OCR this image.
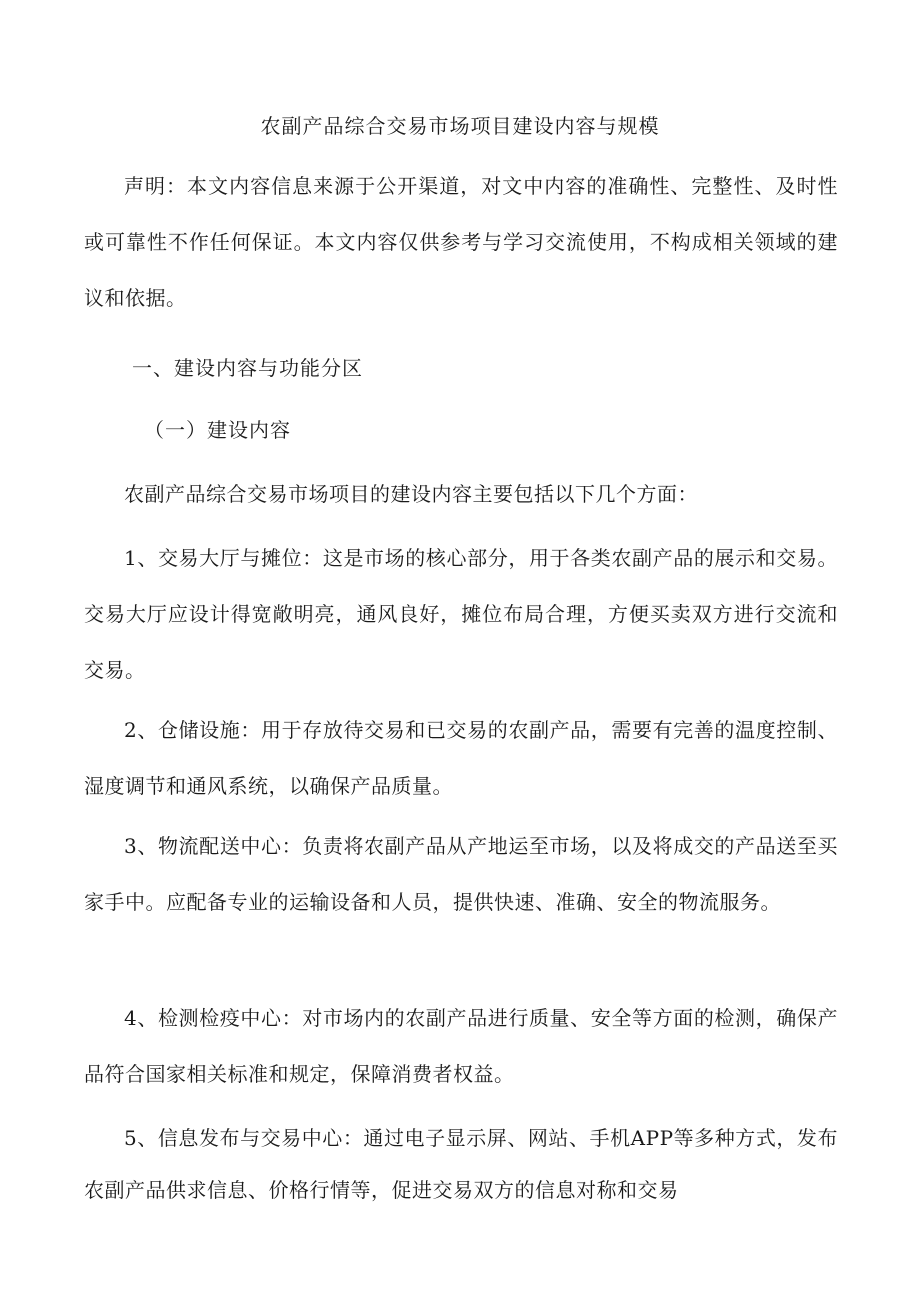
农副产品综合交易市场项目建设内容与规模
声明：本文内容信息来源于公开渠道，对文中内容的准确性、完整性、及时性或可靠性不作任何保证。本文内容仅供参考与学习交流使用，不构成相关领域的建议和依据。
一、建设内容与功能分区
（一）建设内容
农副产品综合交易市场项目的建设内容主要包括以下几个方面：
1、交易大厅与摊位：这是市场的核心部分，用于各类农副产品的展示和交易。交易大厅应设计得宽敞明亮，通风良好，摊位布局合理，方便买卖双方进行交流和交易。
2、仓储设施：用于存放待交易和已交易的农副产品，需要有完善的温度控制、湿度调节和通风系统，以确保产品质量。
3、物流配送中心：负责将农副产品从产地运至市场，以及将成交的产品送至买家手中。应配备专业的运输设备和人员，提供快速、准确、安全的物流服务。
4、检测检疫中心：对市场内的农副产品进行质量、安全等方面的检测，确保产品符合国家相关标准和规定，保障消费者权益。
5、信息发布与交易中心：通过电子显示屏、网站、手机APP等多种方式，发布农副产品供求信息、价格行情等，促进交易双方的信息对称和交易
